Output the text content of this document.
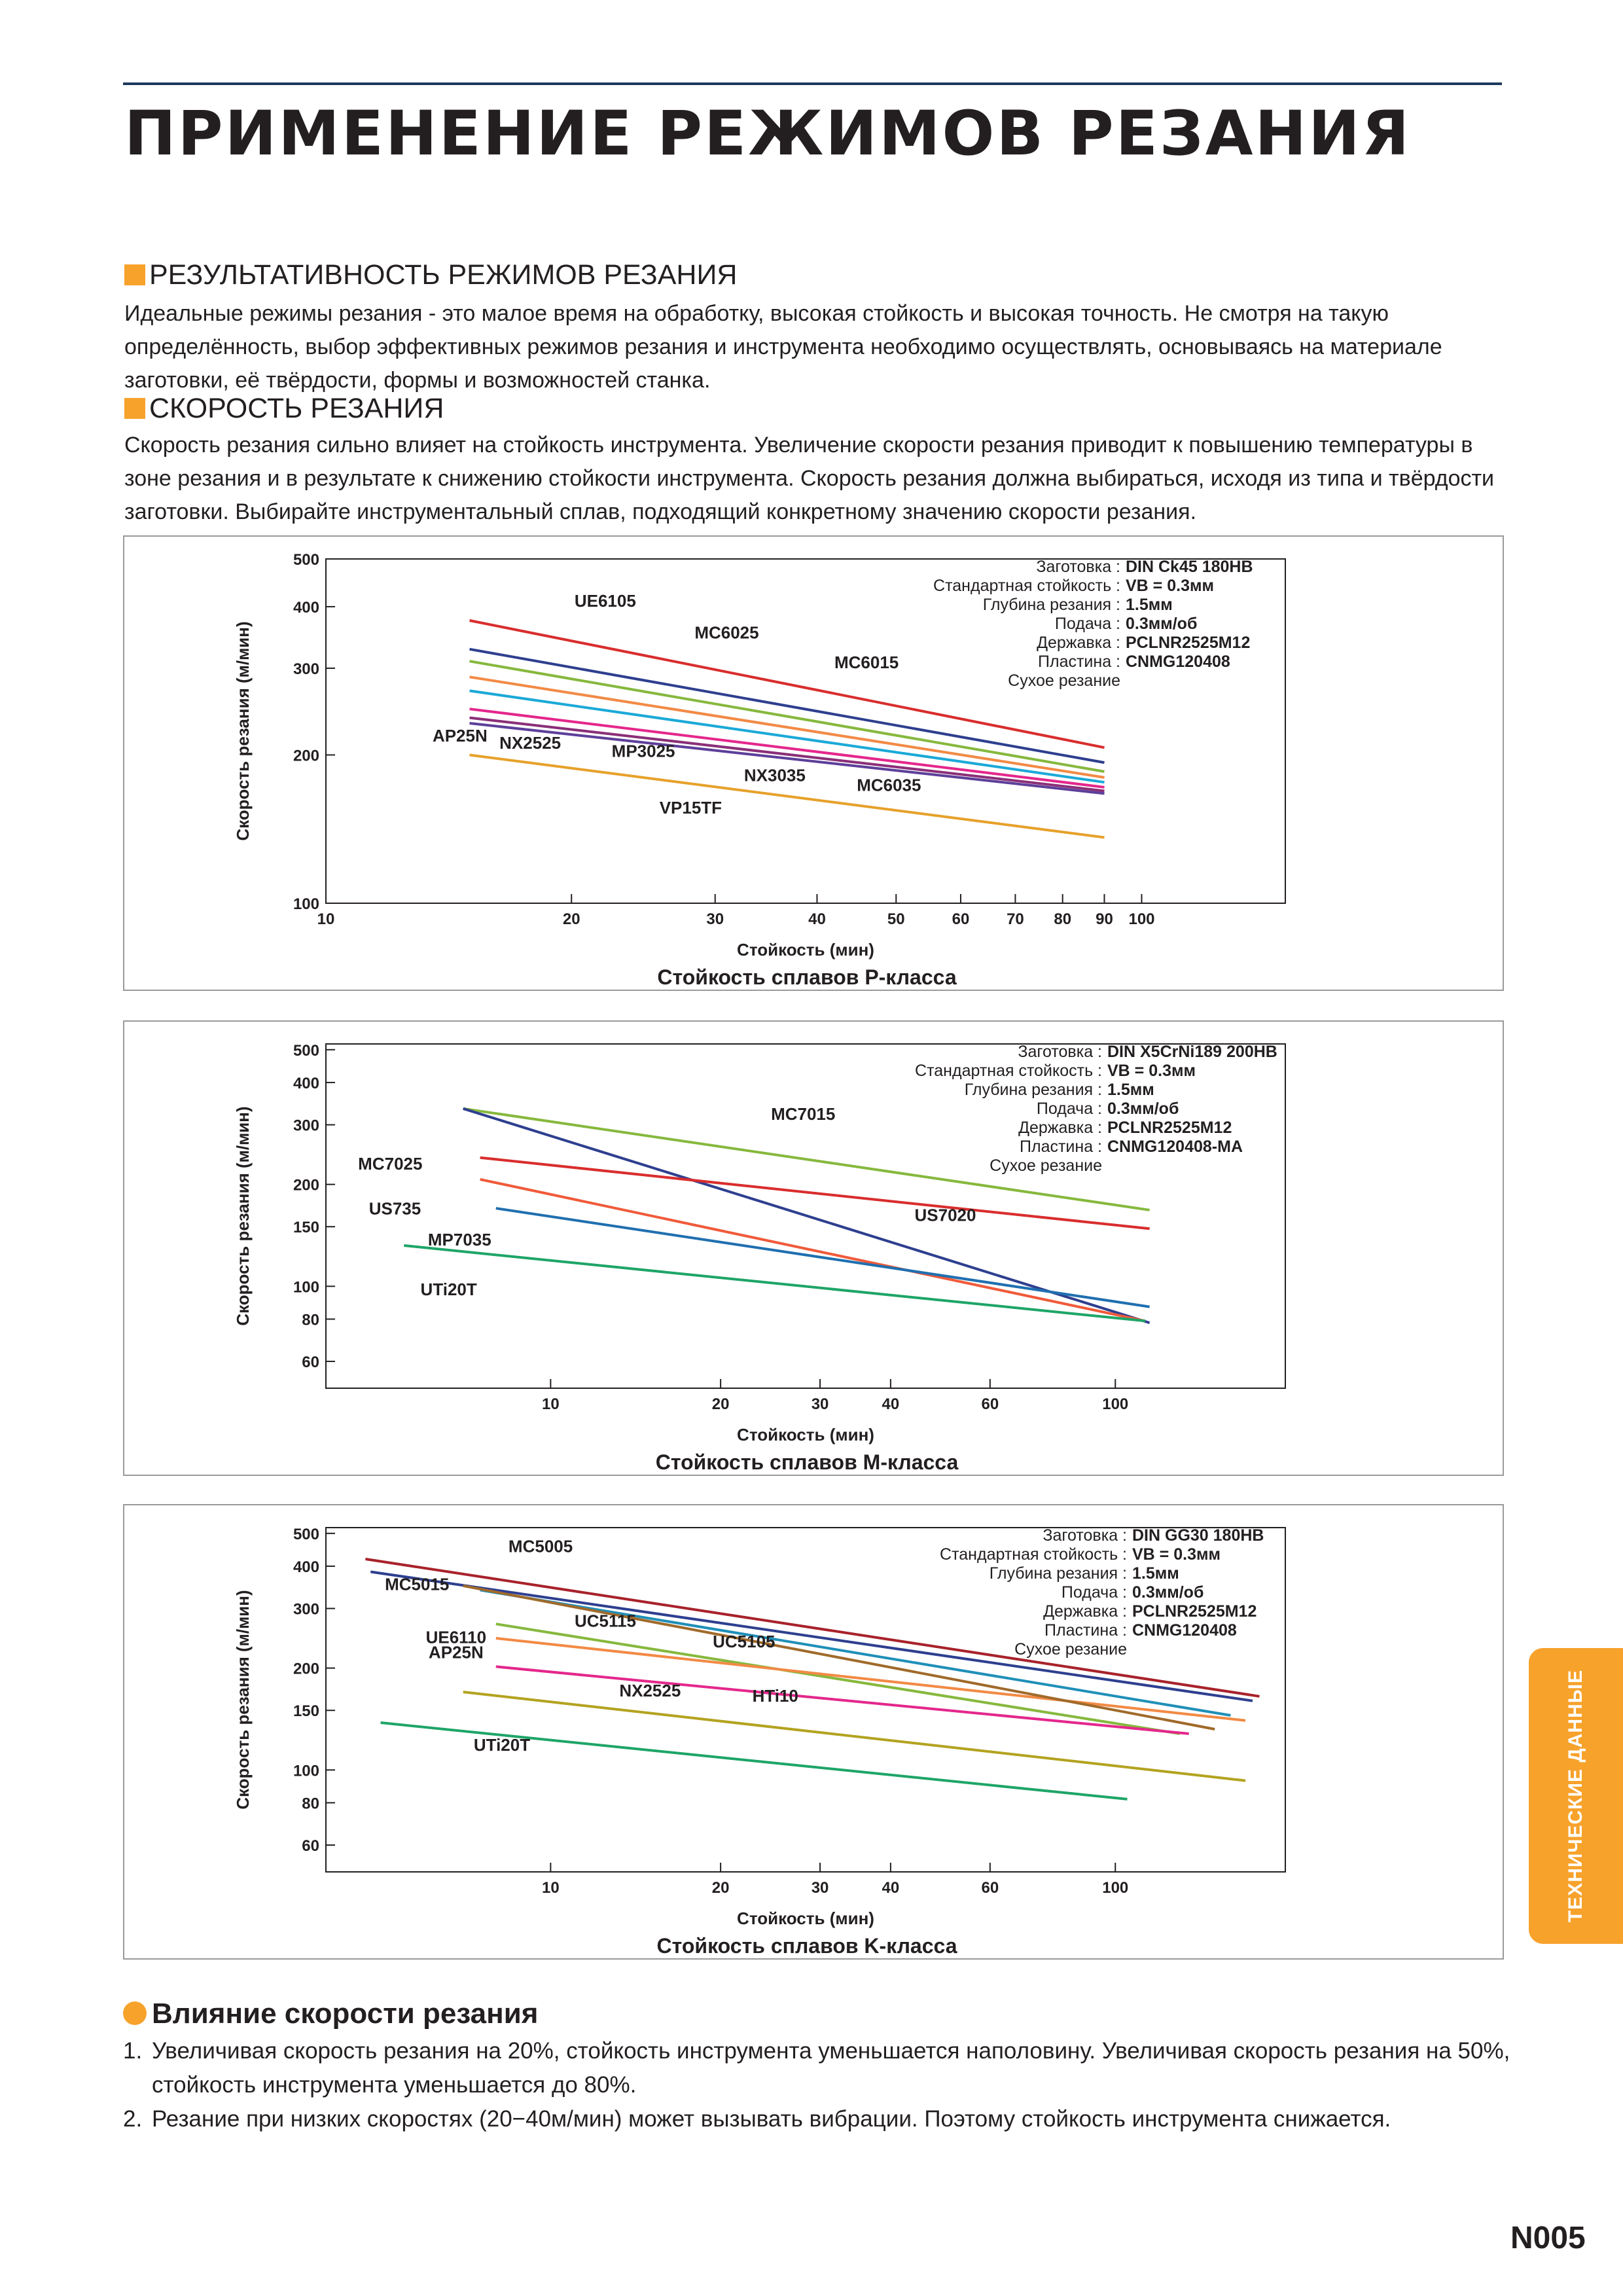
ПРИМЕНЕНИЕ РЕЖИМОВ РЕЗАНИЯ
РЕЗУЛЬТАТИВНОСТЬ РЕЖИМОВ РЕЗАНИЯ

Идеальные режимы резания - это малое время на обработку, высокая стойкость и высокая точность. Не смотря на такую определённость, выбор эффективных режимов резания и инструмента необходимо осуществлять, основываясь на материале заготовки, её твёрдости, формы и возможностей станка.

СКОРОСТЬ РЕЗАНИЯ

Скорость резания сильно влияет на стойкость инструмента. Увеличение скорости резания приводит к повышению температуры в зоне резания и в результате к снижению стойкости инструмента. Скорость резания должна выбираться, исходя из типа и твёрдости заготовки. Выбирайте инструментальный сплав, подходящий конкретному значению скорости резания.

100
200
300
400
500
10	20	30	40	50	60 70 80 90 100
Стойкость (мин)
Скорость резания (м/мин)
Стойкость сплавов P-класса
Заготовка : DIN Ck45 180HB
Стандартная стойкость : VB = 0.3мм
Глубина резания : 1.5мм
Подача : 0.3мм/об
Державка : PCLNR2525M12
Пластина : CNMG120408
Сухое резание
UE6105
MC6025
MC6015
AP25N NX2525	MP3025
NX3035
MC6035
VP15TF
60
80
100
150
200
300
400
500
10	20	30	40	60	100
Стойкость (мин)
Скорость резания (м/мин)
Стойкость сплавов M-класса
Заготовка : DIN X5CrNi189 200HB
Стандартная стойкость : VB = 0.3мм
Глубина резания : 1.5мм
Подача : 0.3мм/об
Державка : PCLNR2525M12
Пластина : CNMG120408-MA
Сухое резание
MC7015
MC7025
US735	US7020
MP7035
UTi20T
60
80
100
150
200
300
400
500
10	20	30	40	60	100
Стойкость (мин)
Скорость резания (м/мин)
Стойкость сплавов K-класса
Заготовка : DIN GG30 180HB
Стандартная стойкость : VB = 0.3мм
Глубина резания : 1.5мм
Подача : 0.3мм/об
Державка : PCLNR2525M12
Пластина : CNMG120408
Сухое резание
MC5005
MC5015
UC5115
UC5105
UE6110
AP25N
NX2525	HTi10
UTi20T
Влияние скорости резания
1. Увеличивая скорость резания на 20%, стойкость инструмента уменьшается наполовину. Увеличивая скорость резания на 50%, стойкость инструмента уменьшается до 80%.
2. Резание при низких скоростях (20−40м/мин) может вызывать вибрации. Поэтому стойкость инструмента снижается.
ТЕХНИЧЕСКИЕ ДАННЫЕ
N005
